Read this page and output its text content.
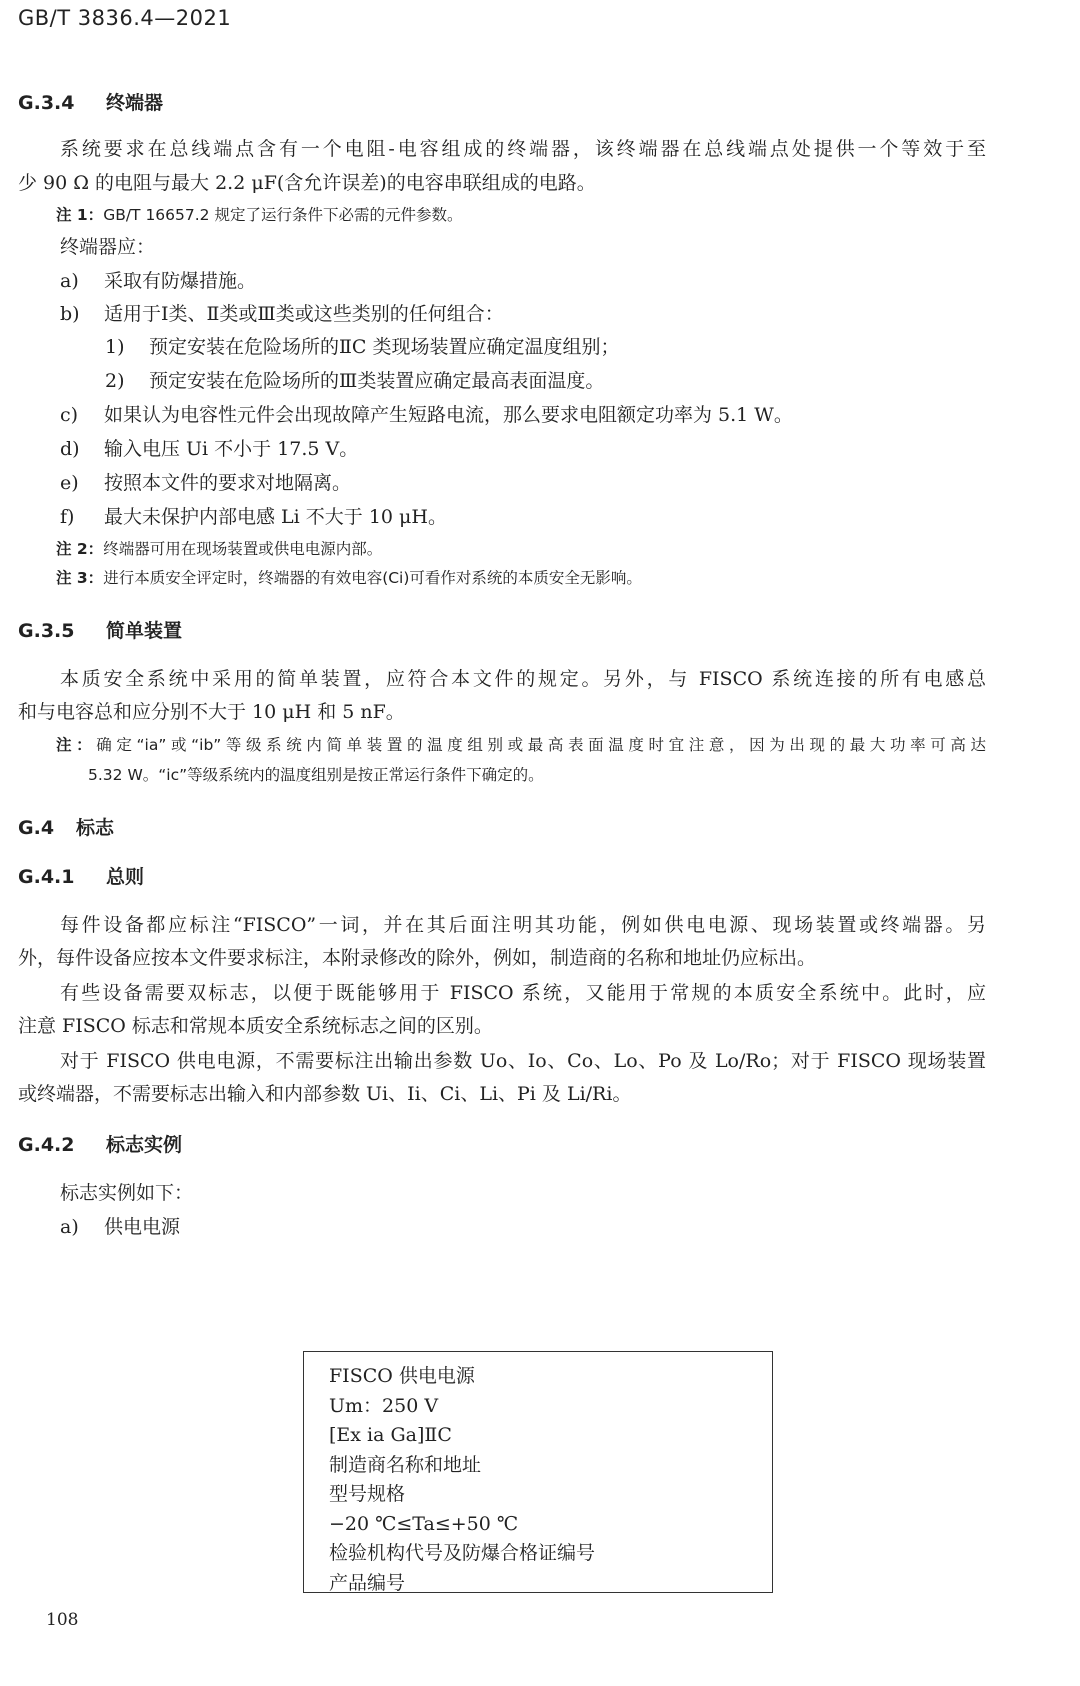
GB/T 3836.4—2021
G.3.4 终端器
系统要求在总线端点含有一个电阻-电容组成的终端器，该终端器在总线端点处提供一个等效于至
少 90 Ω 的电阻与最大 2.2 μF(含允许误差)的电容串联组成的电路。
注 1：GB/T 16657.2 规定了运行条件下必需的元件参数。
终端器应：
a) 采取有防爆措施。
b) 适用于Ⅰ类、Ⅱ类或Ⅲ类或这些类别的任何组合：
1) 预定安装在危险场所的ⅡC 类现场装置应确定温度组别；
2) 预定安装在危险场所的Ⅲ类装置应确定最高表面温度。
c) 如果认为电容性元件会出现故障产生短路电流，那么要求电阻额定功率为 5.1 W。
d) 输入电压 Ui 不小于 17.5 V。
e) 按照本文件的要求对地隔离。
f) 最大未保护内部电感 Li 不大于 10 μH。
注 2：终端器可用在现场装置或供电电源内部。
注 3：进行本质安全评定时，终端器的有效电容(Ci)可看作对系统的本质安全无影响。
G.3.5 简单装置
本质安全系统中采用的简单装置，应符合本文件的规定。另外，与 FISCO 系统连接的所有电感总
和与电容总和应分别不大于 10 μH 和 5 nF。
注：确定“ia”或“ib”等级系统内简单装置的温度组别或最高表面温度时宜注意，因为出现的最大功率可高达
5.32 W。“ic”等级系统内的温度组别是按正常运行条件下确定的。
G.4 标志
G.4.1 总则
每件设备都应标注“FISCO”一词，并在其后面注明其功能，例如供电电源、现场装置或终端器。另
外，每件设备应按本文件要求标注，本附录修改的除外，例如，制造商的名称和地址仍应标出。
有些设备需要双标志，以便于既能够用于 FISCO 系统，又能用于常规的本质安全系统中。此时，应
注意 FISCO 标志和常规本质安全系统标志之间的区别。
对于 FISCO 供电电源，不需要标注出输出参数 Uo、Io、Co、Lo、Po 及 Lo/Ro；对于 FISCO 现场装置
或终端器，不需要标志出输入和内部参数 Ui、Ii、Ci、Li、Pi 及 Li/Ri。
G.4.2 标志实例
标志实例如下：
a) 供电电源
FISCO 供电电源
Um：250 V
[Ex ia Ga]ⅡC
制造商名称和地址
型号规格
−20 ℃≤Ta≤+50 ℃
检验机构代号及防爆合格证编号
产品编号
108
